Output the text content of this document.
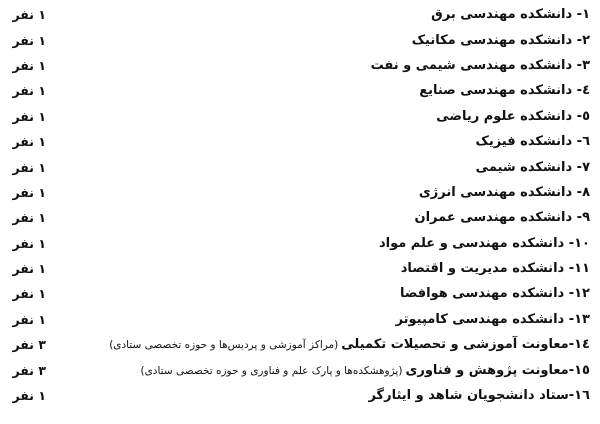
١- دانشکده مهندسی برق
١ نفر
٢- دانشکده مهندسی مکانیک
١ نفر
٣- دانشکده مهندسی شیمی و نفت
١ نفر
٤- دانشکده مهندسی صنایع
١ نفر
٥- دانشکده علوم ریاضی
١ نفر
٦- دانشکده فیزیک
١ نفر
٧- دانشکده شیمی
١ نفر
٨- دانشکده مهندسی انرژی
١ نفر
٩- دانشکده مهندسی عمران
١ نفر
١٠- دانشکده مهندسی و علم مواد
١ نفر
١١- دانشکده مدیریت و اقتصاد
١ نفر
١٢- دانشکده مهندسی هوافضا
١ نفر
١٣- دانشکده مهندسی کامپیوتر
١ نفر
١٤-معاونت آموزشی و تحصیلات تکمیلی(مراکز آموزشی و پردیس‌ها و حوزه تخصصی ستادی)
٣ نفر
١٥-معاونت پژوهش و فناوری(پژوهشکده‌ها و پارک علم و فناوری و حوزه تخصصی ستادی)
٣ نفر
١٦-ستاد دانشجویان شاهد و ایثارگر
١ نفر
